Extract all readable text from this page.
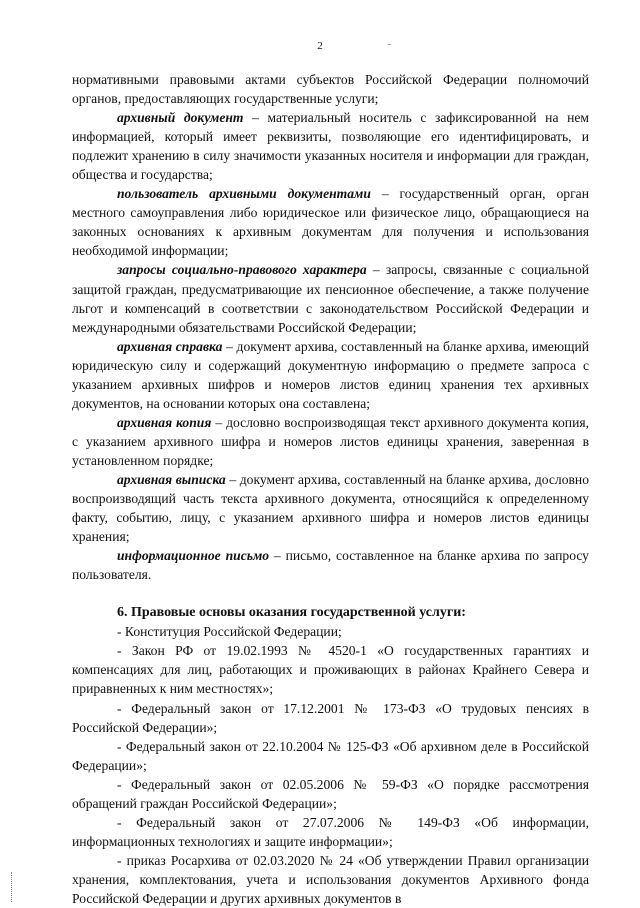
2

нормативными правовыми актами субъектов Российской Федерации полномочий органов, предоставляющих государственные услуги;

архивный документ – материальный носитель с зафиксированной на нем информацией, который имеет реквизиты, позволяющие его идентифицировать, и подлежит хранению в силу значимости указанных носителя и информации для граждан, общества и государства;

пользователь архивными документами – государственный орган, орган местного самоуправления либо юридическое или физическое лицо, обращающиеся на законных основаниях к архивным документам для получения и использования необходимой информации;

запросы социально-правового характера – запросы, связанные с социальной защитой граждан, предусматривающие их пенсионное обеспечение, а также получение льгот и компенсаций в соответствии с законодательством Российской Федерации и международными обязательствами Российской Федерации;

архивная справка – документ архива, составленный на бланке архива, имеющий юридическую силу и содержащий документную информацию о предмете запроса с указанием архивных шифров и номеров листов единиц хранения тех архивных документов, на основании которых она составлена;

архивная копия – дословно воспроизводящая текст архивного документа копия, с указанием архивного шифра и номеров листов единицы хранения, заверенная в установленном порядке;

архивная выписка – документ архива, составленный на бланке архива, дословно воспроизводящий часть текста архивного документа, относящийся к определенному факту, событию, лицу, с указанием архивного шифра и номеров листов единицы хранения;

информационное письмо – письмо, составленное на бланке архива по запросу пользователя.

6. Правовые основы оказания государственной услуги:

- Конституция Российской Федерации;

- Закон РФ от 19.02.1993 № 4520-1 «О государственных гарантиях и компенсациях для лиц, работающих и проживающих в районах Крайнего Севера и приравненных к ним местностях»;

- Федеральный закон от 17.12.2001 № 173-ФЗ «О трудовых пенсиях в Российской Федерации»;

- Федеральный закон от 22.10.2004 № 125-ФЗ «Об архивном деле в Российской Федерации»;

- Федеральный закон от 02.05.2006 № 59-ФЗ «О порядке рассмотрения обращений граждан Российской Федерации»;

- Федеральный закон от 27.07.2006 № 149-ФЗ «Об информации, информационных технологиях и защите информации»;

- приказ Росархива от 02.03.2020 № 24 «Об утверждении Правил организации хранения, комплектования, учета и использования документов Архивного фонда Российской Федерации и других архивных документов в
